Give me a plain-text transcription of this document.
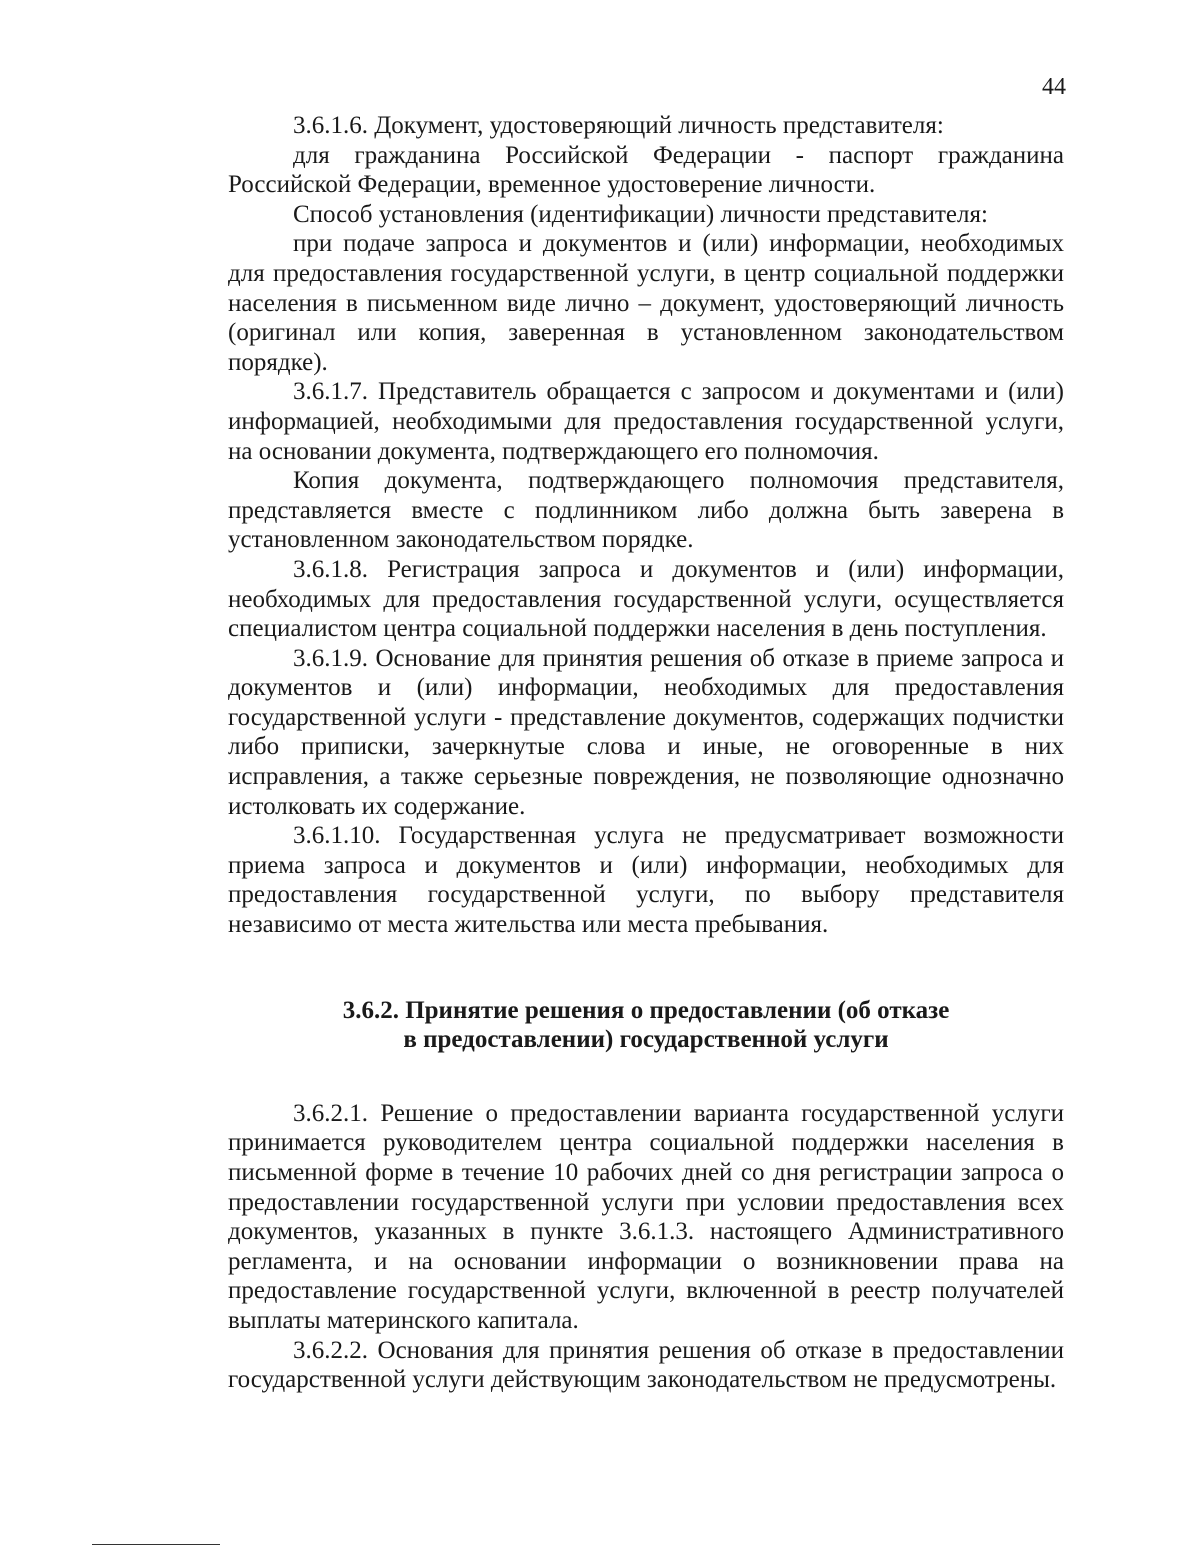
44

3.6.1.6. Документ, удостоверяющий личность представителя:

для гражданина Российской Федерации - паспорт гражданина Российской Федерации, временное удостоверение личности.

Способ установления (идентификации) личности представителя:

при подаче запроса и документов и (или) информации, необходимых для предоставления государственной услуги, в центр социальной поддержки населения в письменном виде лично – документ, удостоверяющий личность (оригинал или копия, заверенная в установленном законодательством порядке).

3.6.1.7. Представитель обращается с запросом и документами и (или) информацией, необходимыми для предоставления государственной услуги, на основании документа, подтверждающего его полномочия.

Копия документа, подтверждающего полномочия представителя, представляется вместе с подлинником либо должна быть заверена в установленном законодательством порядке.

3.6.1.8. Регистрация запроса и документов и (или) информации, необходимых для предоставления государственной услуги, осуществляется специалистом центра социальной поддержки населения в день поступления.

3.6.1.9. Основание для принятия решения об отказе в приеме запроса и документов и (или) информации, необходимых для предоставления государственной услуги - представление документов, содержащих подчистки либо приписки, зачеркнутые слова и иные, не оговоренные в них исправления, а также серьезные повреждения, не позволяющие однозначно истолковать их содержание.

3.6.1.10. Государственная услуга не предусматривает возможности приема запроса и документов и (или) информации, необходимых для предоставления государственной услуги, по выбору представителя независимо от места жительства или места пребывания.

3.6.2. Принятие решения о предоставлении (об отказе
в предоставлении) государственной услуги

3.6.2.1. Решение о предоставлении варианта государственной услуги принимается руководителем центра социальной поддержки населения в письменной форме в течение 10 рабочих дней со дня регистрации запроса о предоставлении государственной услуги при условии предоставления всех документов, указанных в пункте 3.6.1.3. настоящего Административного регламента, и на основании информации о возникновении права на предоставление государственной услуги, включенной в реестр получателей выплаты материнского капитала.

3.6.2.2. Основания для принятия решения об отказе в предоставлении государственной услуги действующим законодательством не предусмотрены.
